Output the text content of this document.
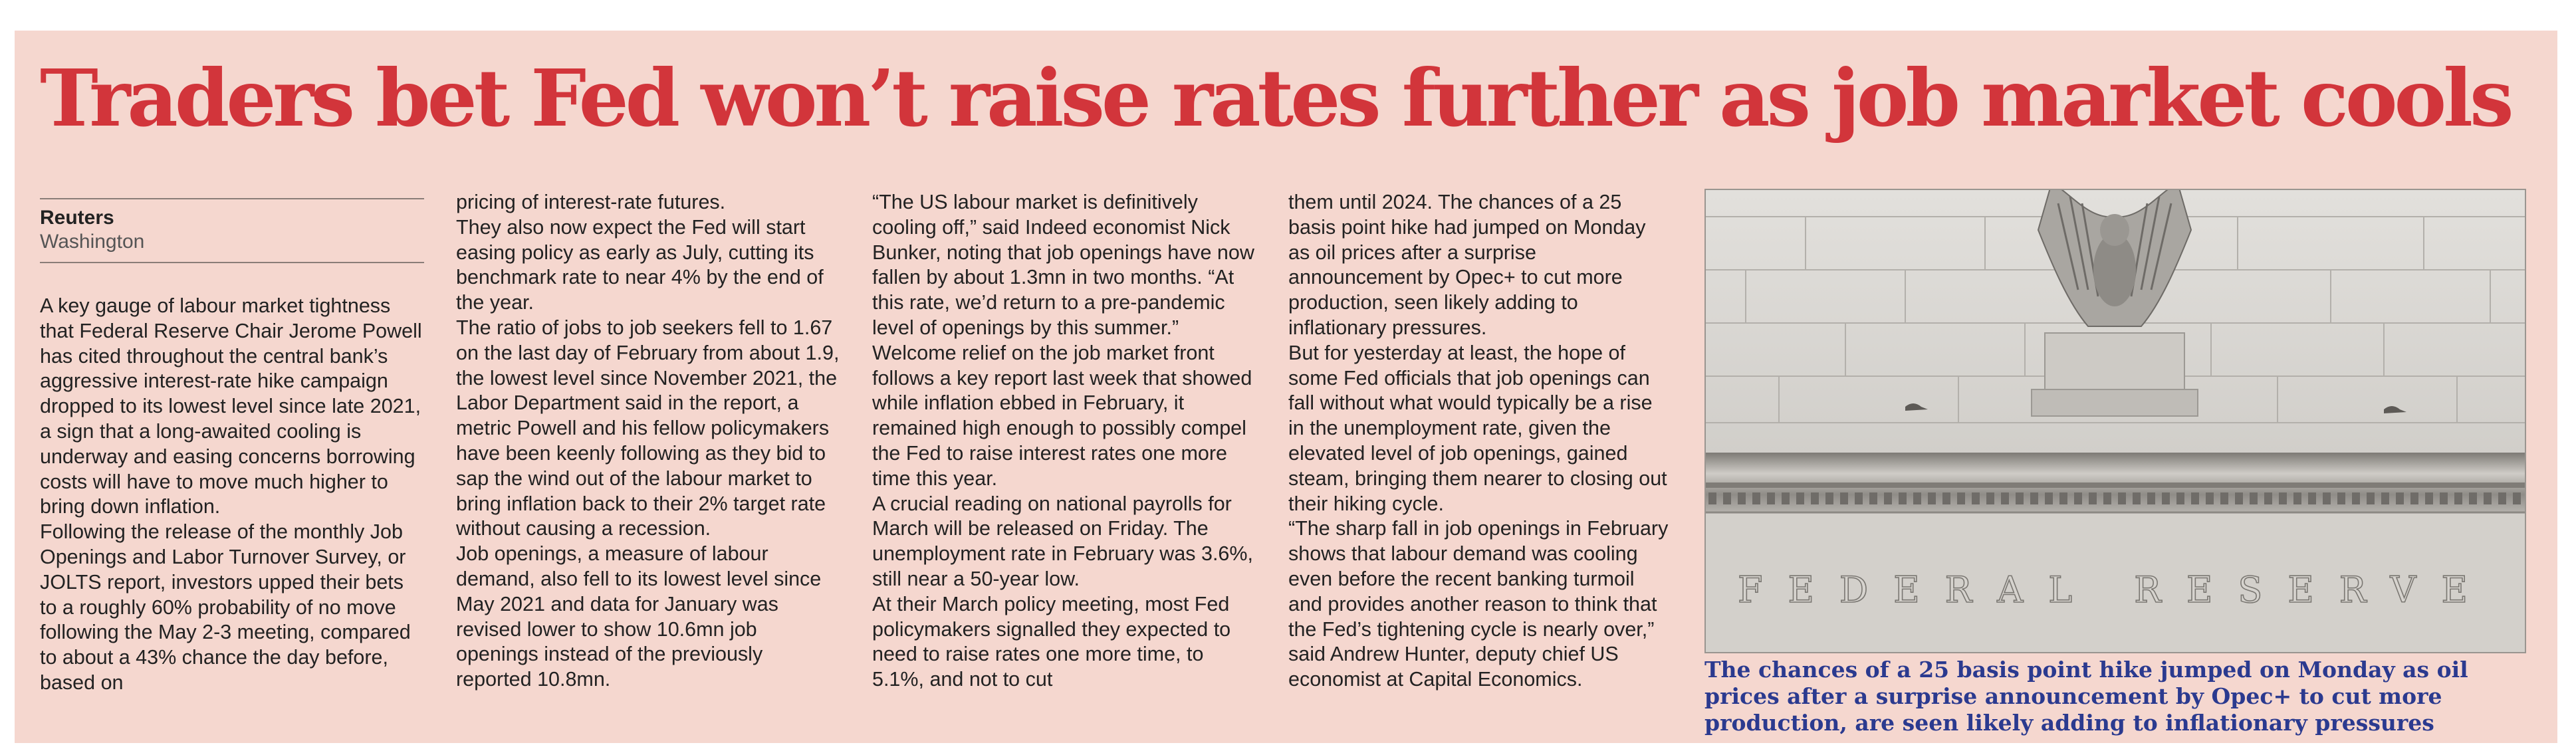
Traders bet Fed won’t raise rates further as job market cools
Reuters
Washington

A key gauge of labour market tightness that Federal Reserve Chair Jerome Powell has cited throughout the central bank’s aggressive interest-rate hike campaign dropped to its lowest level since late 2021, a sign that a long-awaited cooling is underway and easing concerns borrowing costs will have to move much higher to bring down inflation.

Following the release of the monthly Job Openings and Labor Turnover Survey, or JOLTS report, investors upped their bets to a roughly 60% probability of no move following the May 2-3 meeting, compared to about a 43% chance the day before, based on

pricing of interest-rate futures.

They also now expect the Fed will start easing policy as early as July, cutting its benchmark rate to near 4% by the end of the year.

The ratio of jobs to job seekers fell to 1.67 on the last day of February from about 1.9, the lowest level since November 2021, the Labor Department said in the report, a metric Powell and his fellow policymakers have been keenly following as they bid to sap the wind out of the labour market to bring inflation back to their 2% target rate without causing a recession.

Job openings, a measure of labour demand, also fell to its lowest level since May 2021 and data for January was revised lower to show 10.6mn job openings instead of the previously reported 10.8mn.

“The US labour market is definitively cooling off,” said Indeed economist Nick Bunker, noting that job openings have now fallen by about 1.3mn in two months. “At this rate, we’d return to a pre-pandemic level of openings by this summer.”

Welcome relief on the job market front follows a key report last week that showed while inflation ebbed in February, it remained high enough to possibly compel the Fed to raise interest rates one more time this year.

A crucial reading on national payrolls for March will be released on Friday. The unemployment rate in February was 3.6%, still near a 50-year low.

At their March policy meeting, most Fed policymakers signalled they expected to need to raise rates one more time, to 5.1%, and not to cut

them until 2024. The chances of a 25 basis point hike had jumped on Monday as oil prices after a surprise announcement by Opec+ to cut more production, seen likely adding to inflationary pressures.

But for yesterday at least, the hope of some Fed officials that job openings can fall without what would typically be a rise in the unemployment rate, given the elevated level of job openings, gained steam, bringing them nearer to closing out their hiking cycle.

“The sharp fall in job openings in February shows that labour demand was cooling even before the recent banking turmoil and provides another reason to think that the Fed’s tightening cycle is nearly over,” said Andrew Hunter, deputy chief US economist at Capital Economics.

FEDERAL RESERVE

The chances of a 25 basis point hike jumped on Monday as oil prices after a surprise announcement by Opec+ to cut more production, are seen likely adding to inflationary pressures
